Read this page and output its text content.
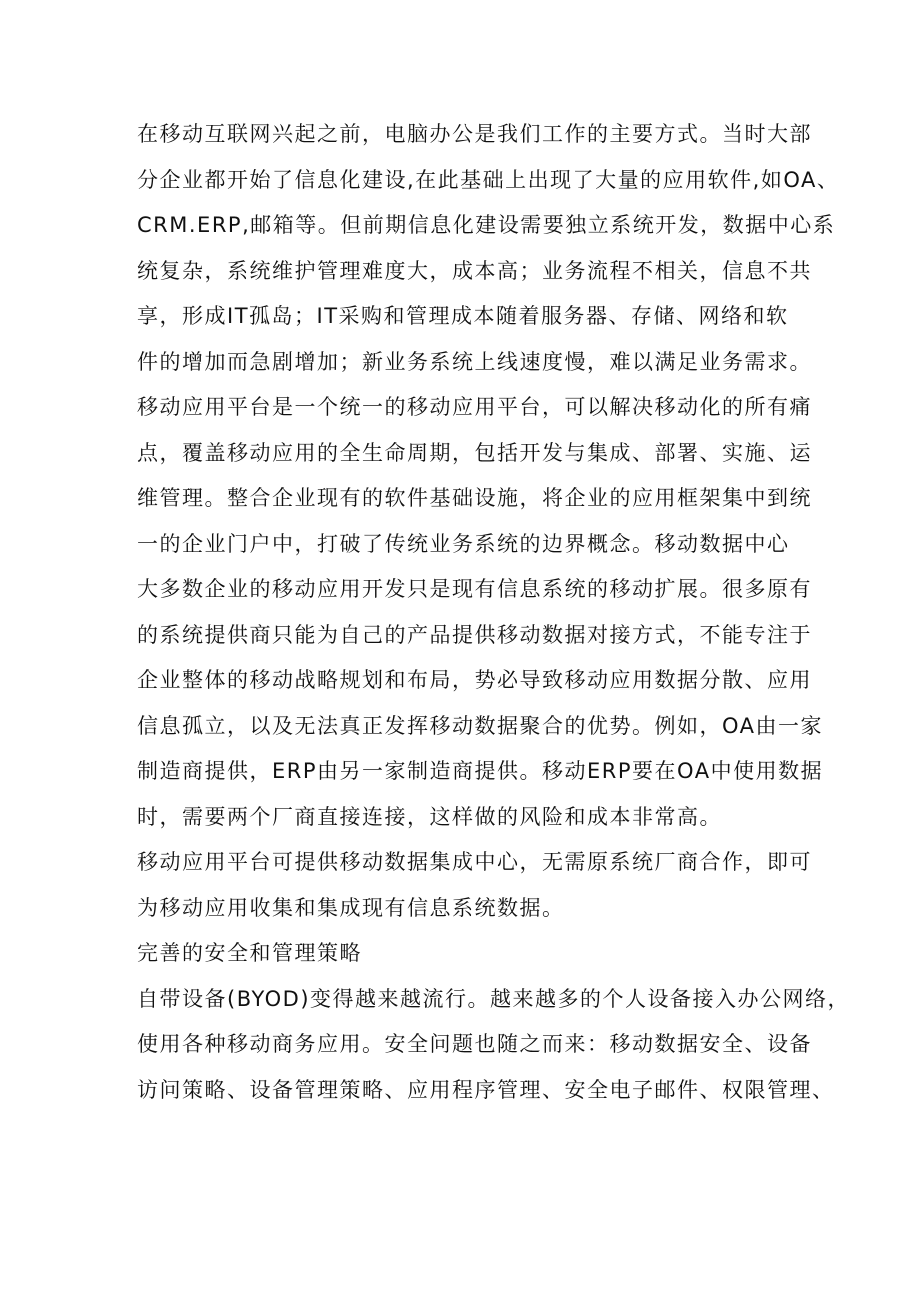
在移动互联网兴起之前，电脑办公是我们工作的主要方式。当时大部
分企业都开始了信息化建设,在此基础上出现了大量的应用软件,如OA、
CRM.ERP,邮箱等。但前期信息化建设需要独立系统开发，数据中心系
统复杂，系统维护管理难度大，成本高；业务流程不相关，信息不共
享，形成IT孤岛；IT采购和管理成本随着服务器、存储、网络和软
件的增加而急剧增加；新业务系统上线速度慢，难以满足业务需求。
移动应用平台是一个统一的移动应用平台，可以解决移动化的所有痛
点，覆盖移动应用的全生命周期，包括开发与集成、部署、实施、运
维管理。整合企业现有的软件基础设施，将企业的应用框架集中到统
一的企业门户中，打破了传统业务系统的边界概念。移动数据中心
大多数企业的移动应用开发只是现有信息系统的移动扩展。很多原有
的系统提供商只能为自己的产品提供移动数据对接方式，不能专注于
企业整体的移动战略规划和布局，势必导致移动应用数据分散、应用
信息孤立，以及无法真正发挥移动数据聚合的优势。例如，OA由一家
制造商提供，ERP由另一家制造商提供。移动ERP要在OA中使用数据
时，需要两个厂商直接连接，这样做的风险和成本非常高。
移动应用平台可提供移动数据集成中心，无需原系统厂商合作，即可
为移动应用收集和集成现有信息系统数据。
完善的安全和管理策略
自带设备(BYOD)变得越来越流行。越来越多的个人设备接入办公网络，
使用各种移动商务应用。安全问题也随之而来：移动数据安全、设备
访问策略、设备管理策略、应用程序管理、安全电子邮件、权限管理、
